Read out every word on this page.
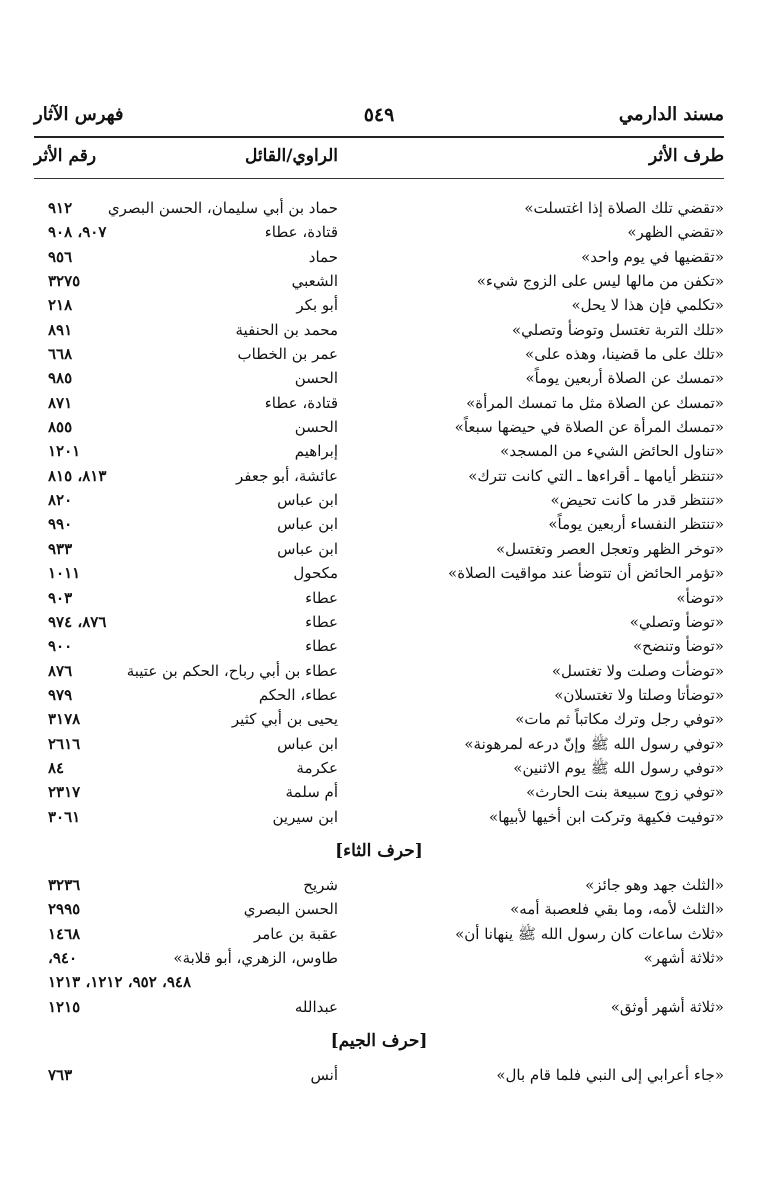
مسند الدارمي
٥٤٩
فهرس الآثار
طرف الأثر
الراوي/القائل
رقم الأثر
«تقضي تلك الصلاة إذا اغتسلت»
حماد بن أبي سليمان، الحسن البصري
٩١٢
«تقضي الظهر»
قتادة، عطاء
٩٠٧، ٩٠٨
«تقضيها في يوم واحد»
حماد
٩٥٦
«تكفن من مالها ليس على الزوج شيء»
الشعبي
٣٢٧٥
«تكلمي فإن هذا لا يحل»
أبو بكر
٢١٨
«تلك التربة تغتسل وتوضأ وتصلي»
محمد بن الحنفية
٨٩١
«تلك على ما قضينا، وهذه على»
عمر بن الخطاب
٦٦٨
«تمسك عن الصلاة أربعين يوماً»
الحسن
٩٨٥
«تمسك عن الصلاة مثل ما تمسك المرأة»
قتادة، عطاء
٨٧١
«تمسك المرأة عن الصلاة في حيضها سبعاً»
الحسن
٨٥٥
«تناول الحائض الشيء من المسجد»
إبراهيم
١٢٠١
«تنتظر أيامها ـ أقراءها ـ التي كانت تترك»
عائشة، أبو جعفر
٨١٣، ٨١٥
«تنتظر قدر ما كانت تحيض»
ابن عباس
٨٢٠
«تنتظر النفساء أربعين يوماً»
ابن عباس
٩٩٠
«توخر الظهر وتعجل العصر وتغتسل»
ابن عباس
٩٣٣
«تؤمر الحائض أن تتوضأ عند مواقيت الصلاة»
مكحول
١٠١١
«توضأ»
عطاء
٩٠٣
«توضأ وتصلي»
عطاء
٨٧٦، ٩٧٤
«توضأ وتنضح»
عطاء
٩٠٠
«توضأت وصلت ولا تغتسل»
عطاء بن أبي رباح، الحكم بن عتيبة
٨٧٦
«توضأتا وصلتا ولا تغتسلان»
عطاء، الحكم
٩٧٩
«توفي رجل وترك مكاتباً ثم مات»
يحيى بن أبي كثير
٣١٧٨
«توفي رسول الله ﷺ وإنّ درعه لمرهونة»
ابن عباس
٢٦١٦
«توفي رسول الله ﷺ يوم الاثنين»
عكرمة
٨٤
«توفي زوج سبيعة بنت الحارث»
أم سلمة
٢٣١٧
«توفيت فكيهة وتركت ابن أخيها لأبيها»
ابن سيرين
٣٠٦١
[حرف الثاء]
«الثلث جهد وهو جائز»
شريح
٣٢٣٦
«الثلث لأمه، وما بقي فلعصبة أمه»
الحسن البصري
٢٩٩٥
«ثلاث ساعات كان رسول الله ﷺ ينهانا أن»
عقبة بن عامر
١٤٦٨
«ثلاثة أشهر»
طاوس، الزهري، أبو قلابة»
٩٤٠،
٩٤٨، ٩٥٢، ١٢١٢، ١٢١٣
«ثلاثة أشهر أوثق»
عبدالله
١٢١٥
[حرف الجيم]
«جاء أعرابي إلى النبي فلما قام بال»
أنس
٧٦٣
